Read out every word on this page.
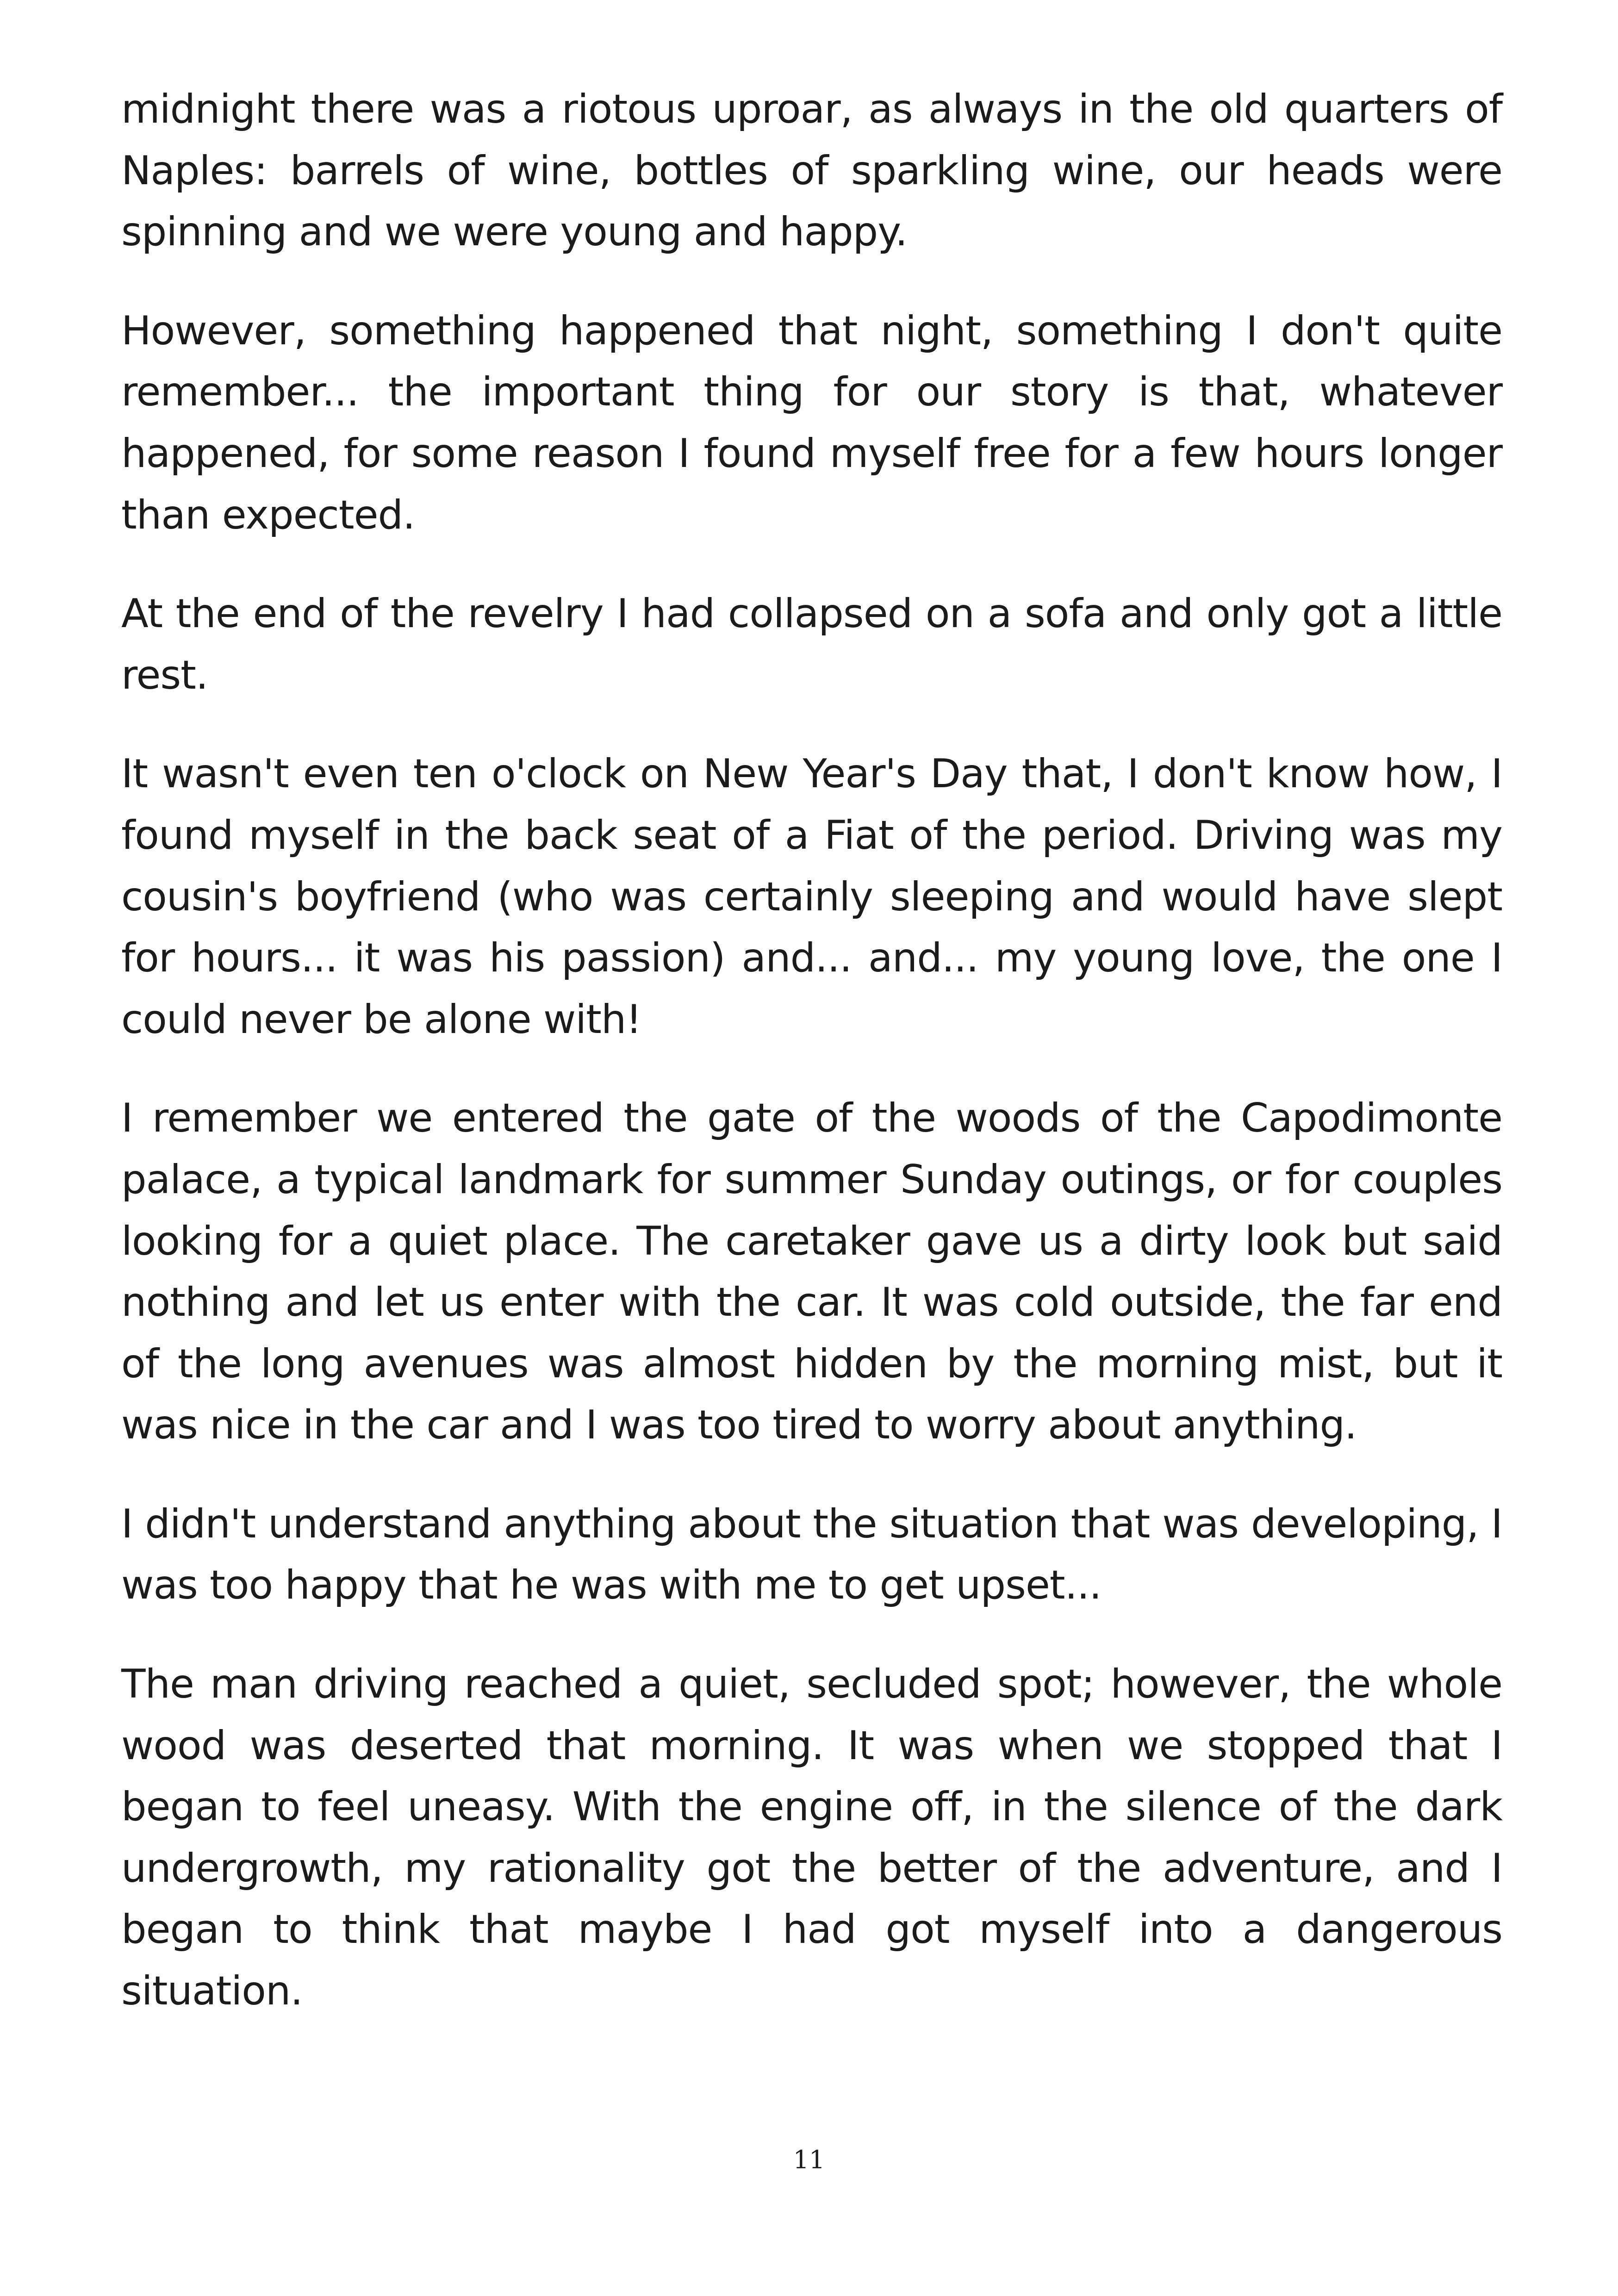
midnight there was a riotous uproar, as always in the old quarters of Naples: barrels of wine, bottles of sparkling wine, our heads were spinning and we were young and happy.

However, something happened that night, something I don't quite remember... the important thing for our story is that, whatever happened, for some reason I found myself free for a few hours longer than expected.

At the end of the revelry I had collapsed on a sofa and only got a little rest.

It wasn't even ten o'clock on New Year's Day that, I don't know how, I found myself in the back seat of a Fiat of the period. Driving was my cousin's boyfriend (who was certainly sleeping and would have slept for hours... it was his passion) and... and... my young love, the one I could never be alone with!

I remember we entered the gate of the woods of the Capodimonte palace, a typical landmark for summer Sunday outings, or for couples looking for a quiet place. The caretaker gave us a dirty look but said nothing and let us enter with the car. It was cold outside, the far end of the long avenues was almost hidden by the morning mist, but it was nice in the car and I was too tired to worry about anything.

I didn't understand anything about the situation that was developing, I was too happy that he was with me to get upset...

The man driving reached a quiet, secluded spot; however, the whole wood was deserted that morning. It was when we stopped that I began to feel uneasy. With the engine off, in the silence of the dark undergrowth, my rationality got the better of the adventure, and I began to think that maybe I had got myself into a dangerous situation.

11
